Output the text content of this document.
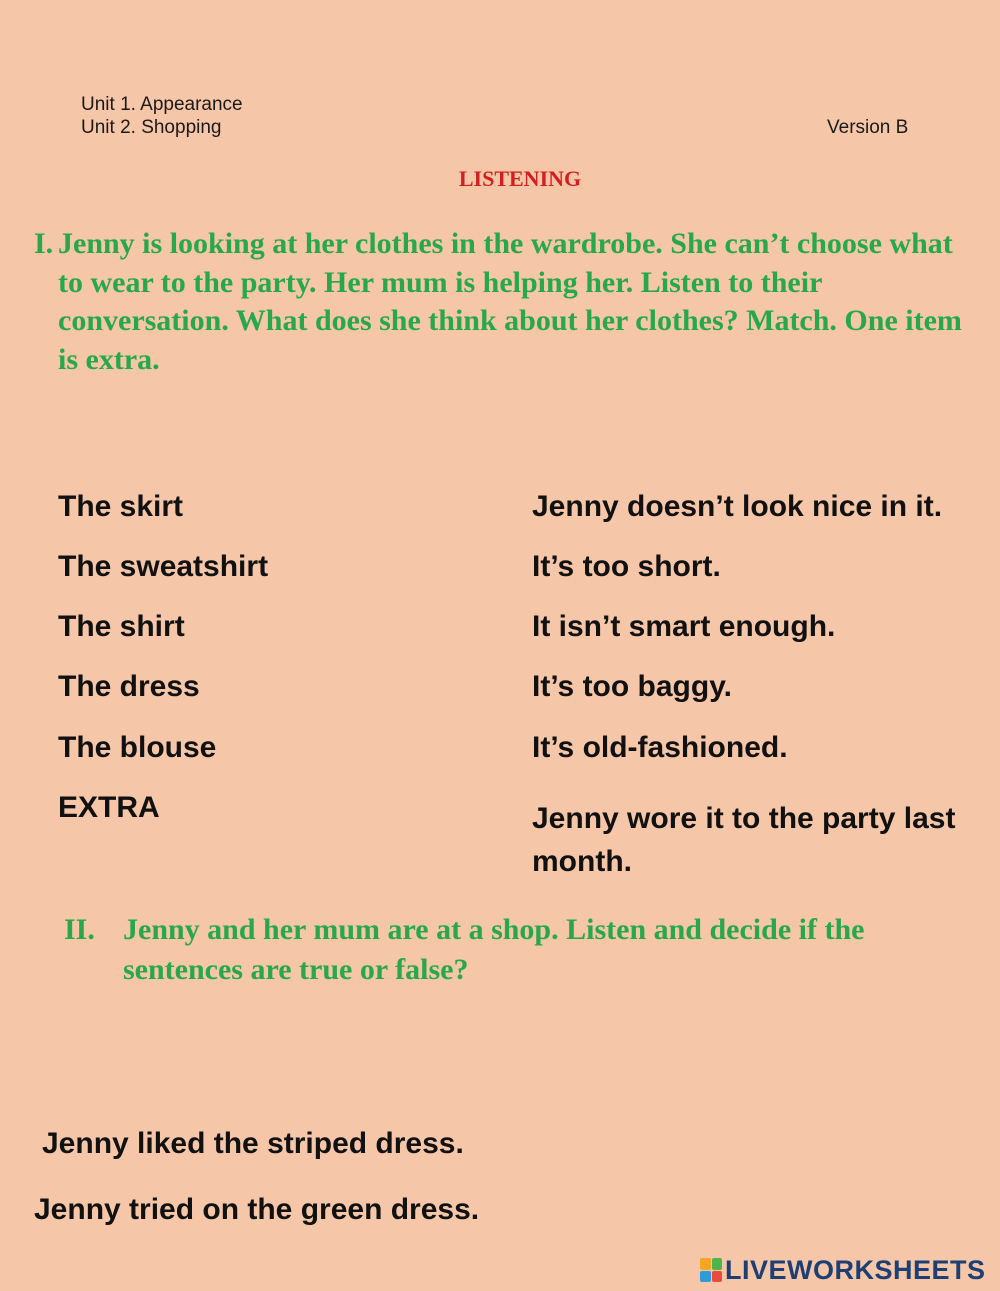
Unit 1. Appearance
Unit 2. Shopping	Version B
LISTENING
I. Jenny is looking at her clothes in the wardrobe. She can’t choose what to wear to the party. Her mum is helping her. Listen to their conversation. What does she think about her clothes? Match. One item is extra.
The skirt
The sweatshirt
The shirt
The dress
The blouse
EXTRA
Jenny doesn’t look nice in it.
It’s too short.
It isn’t smart enough.
It’s too baggy.
It’s old-fashioned.
Jenny wore it to the party last month.
II. Jenny and her mum are at a shop. Listen and decide if the sentences are true or false?
Jenny liked the striped dress.
Jenny tried on the green dress.
LIVEWORKSHEETS
